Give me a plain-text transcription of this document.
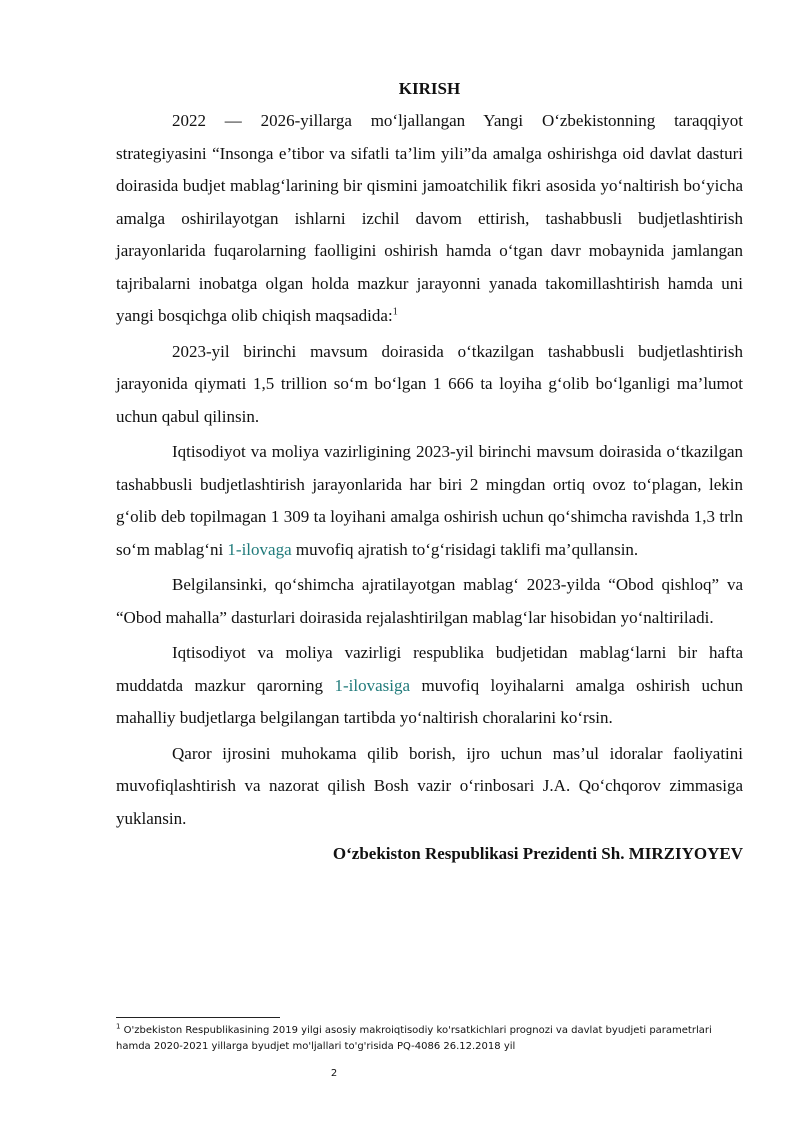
KIRISH

2022 — 2026-yillarga mo‘ljallangan Yangi O‘zbekistonning taraqqiyot strategiyasini “Insonga e’tibor va sifatli ta’lim yili”da amalga oshirishga oid davlat dasturi doirasida budjet mablag‘larining bir qismini jamoatchilik fikri asosida yo‘naltirish bo‘yicha amalga oshirilayotgan ishlarni izchil davom ettirish, tashabbusli budjetlashtirish jarayonlarida fuqarolarning faolligini oshirish hamda o‘tgan davr mobaynida jamlangan tajribalarni inobatga olgan holda mazkur jarayonni yanada takomillashtirish hamda uni yangi bosqichga olib chiqish maqsadida:$^1$

2023-yil birinchi mavsum doirasida o‘tkazilgan tashabbusli budjetlashtirish jarayonida qiymati 1,5 trillion so‘m bo‘lgan 1 666 ta loyiha g‘olib bo‘lganligi ma’lumot uchun qabul qilinsin.

Iqtisodiyot va moliya vazirligining 2023-yil birinchi mavsum doirasida o‘tkazilgan tashabbusli budjetlashtirish jarayonlarida har biri 2 mingdan ortiq ovoz to‘plagan, lekin g‘olib deb topilmagan 1 309 ta loyihani amalga oshirish uchun qo‘shimcha ravishda 1,3 trln so‘m mablag‘ni 1-ilovaga muvofiq ajratish to‘g‘risidagi taklifi ma’qullansin.

Belgilansinki, qo‘shimcha ajratilayotgan mablag‘ 2023-yilda “Obod qishloq” va “Obod mahalla” dasturlari doirasida rejalashtirilgan mablag‘lar hisobidan yo‘naltiriladi.

Iqtisodiyot va moliya vazirligi respublika budjetidan mablag‘larni bir hafta muddatda mazkur qarorning 1-ilovasiga muvofiq loyihalarni amalga oshirish uchun mahalliy budjetlarga belgilangan tartibda yo‘naltirish choralarini ko‘rsin.

Qaror ijrosini muhokama qilib borish, ijro uchun mas’ul idoralar faoliyatini muvofiqlashtirish va nazorat qilish Bosh vazir o‘rinbosari J.A. Qo‘chqorov zimmasiga yuklansin.

O‘zbekiston Respublikasi Prezidenti Sh. MIRZIYOYEV
$^1$ O'zbekiston Respublikasining 2019 yilgi asosiy makroiqtisodiy ko'rsatkichlari prognozi va davlat byudjeti parametrlari hamda 2020-2021 yillarga byudjet mo'ljallari to'g'risida PQ-4086 26.12.2018 yil
2
